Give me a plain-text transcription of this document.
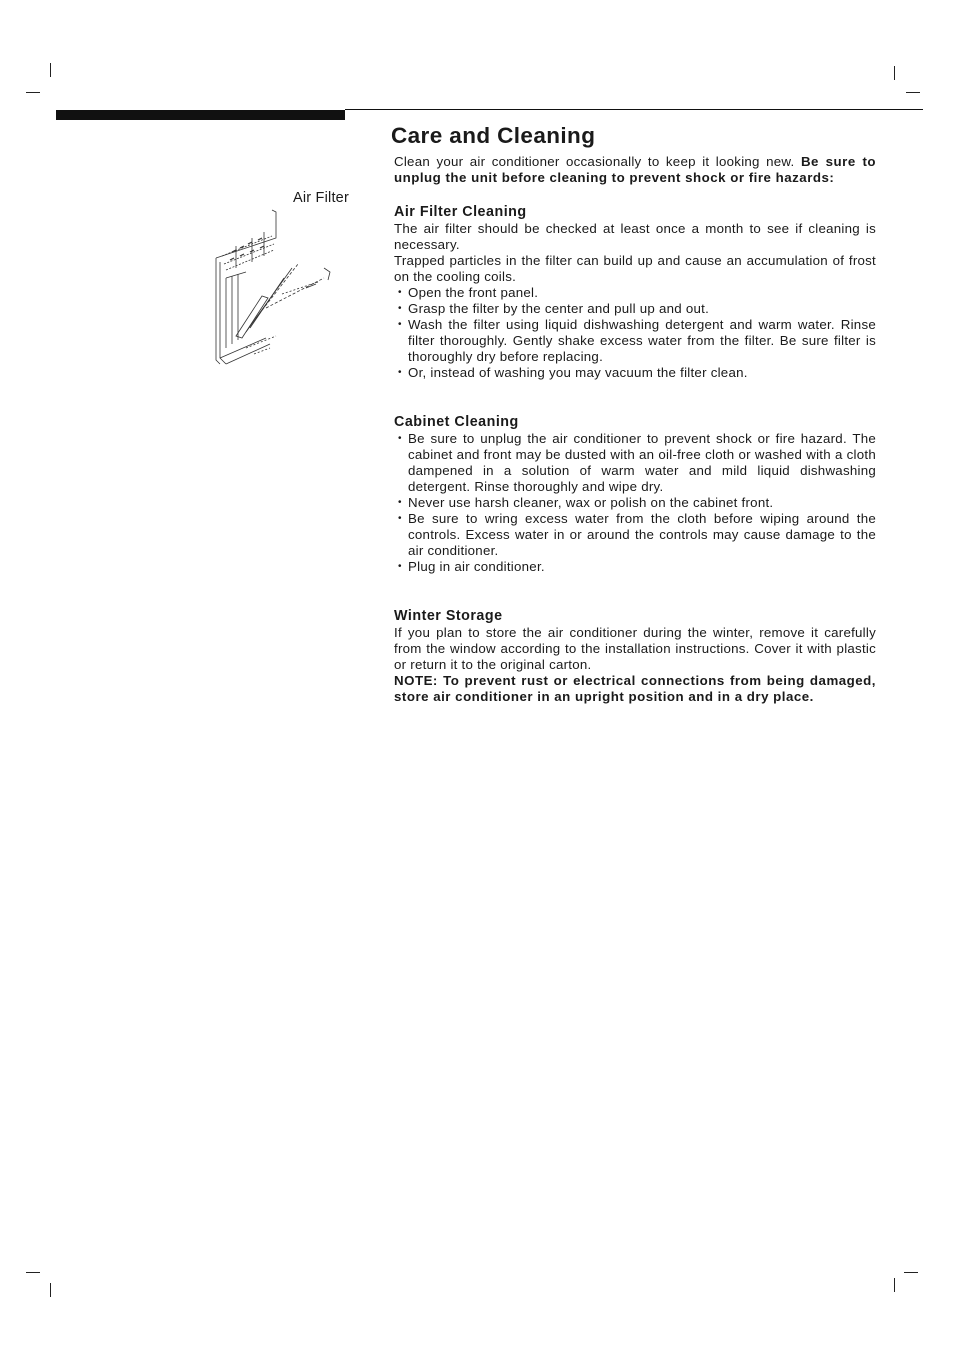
Air Filter
Care and Cleaning

Clean your air conditioner occasionally to keep it looking new. Be sure to unplug the unit before cleaning to prevent shock or fire hazards:

Air Filter Cleaning

The air filter should be checked at least once a month to see if cleaning is necessary.

Trapped particles in the filter can build up and cause an accumulation of frost on the cooling coils.

• Open the front panel.
• Grasp the filter by the center and pull up and out.
• Wash the filter using liquid dishwashing detergent and warm water. Rinse filter thoroughly. Gently shake excess water from the filter. Be sure filter is thoroughly dry before replacing.
• Or, instead of washing you may vacuum the filter clean.
Cabinet Cleaning
• Be sure to unplug the air conditioner to prevent shock or fire hazard. The cabinet and front may be dusted with an oil-free cloth or washed with a cloth dampened in a solution of warm water and mild liquid dishwashing detergent. Rinse thoroughly and wipe dry.
• Never use harsh cleaner, wax or polish on the cabinet front.
• Be sure to wring excess water from the cloth before wiping around the controls. Excess water in or around the controls may cause damage to the air conditioner.
• Plug in air conditioner.
Winter Storage

If you plan to store the air conditioner during the winter, remove it carefully from the window according to the installation instructions. Cover it with plastic or return it to the original carton.

NOTE: To prevent rust or electrical connections from being damaged, store air conditioner in an upright position and in a dry place.
